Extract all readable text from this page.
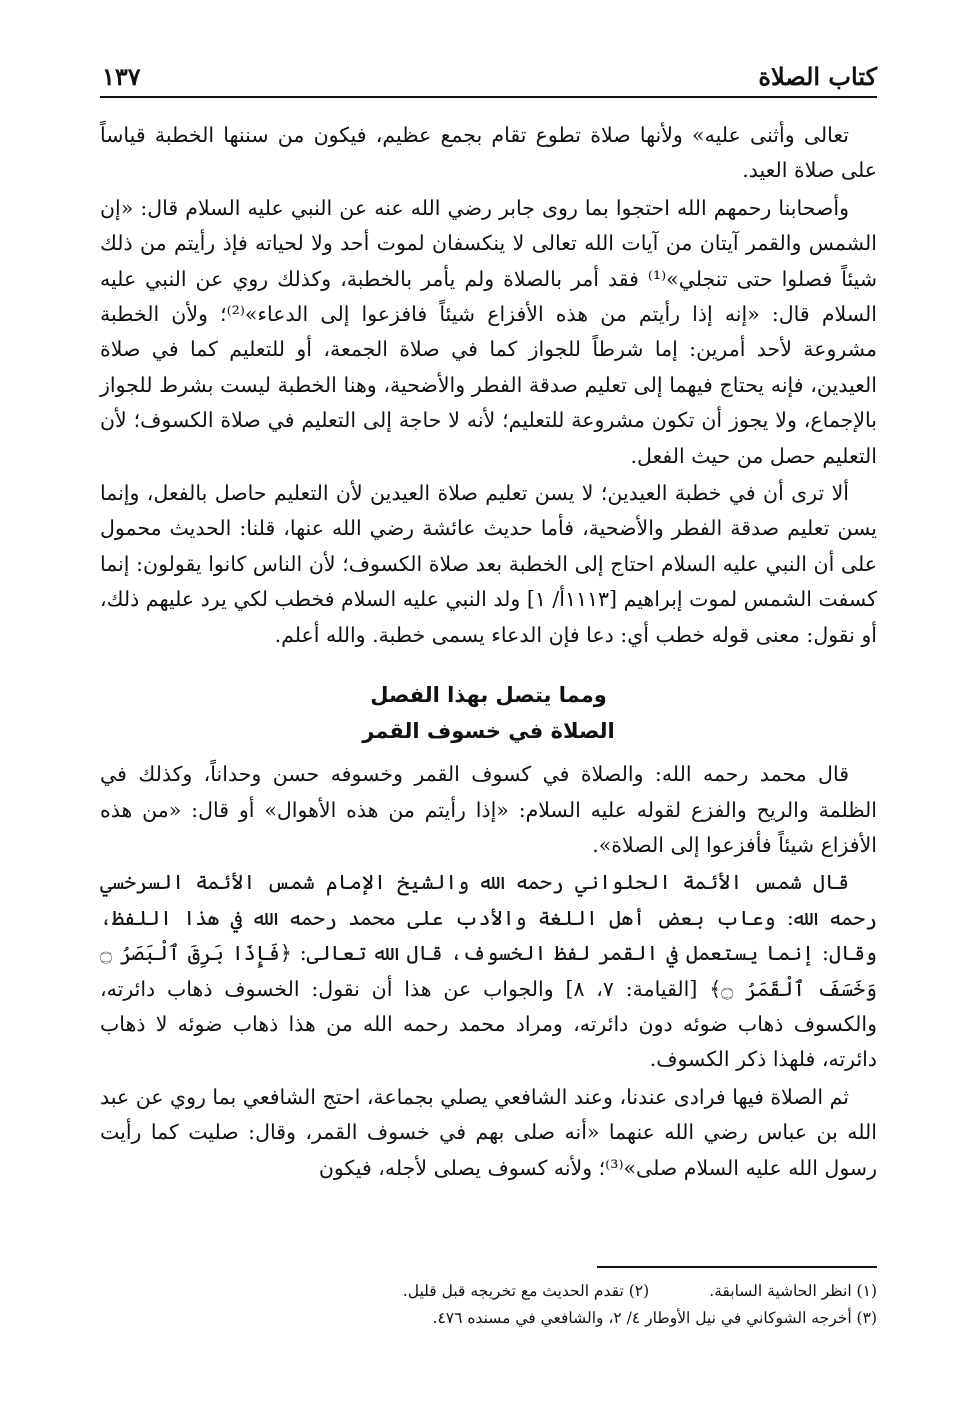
كتاب الصلاة
١٣٧

تعالى وأثنى عليه» ولأنها صلاة تطوع تقام بجمع عظيم، فيكون من سننها الخطبة قياساً على صلاة العيد.

وأصحابنا رحمهم الله احتجوا بما روى جابر رضي الله عنه عن النبي عليه السلام قال: «إن الشمس والقمر آيتان من آيات الله تعالى لا ينكسفان لموت أحد ولا لحياته فإذ رأيتم من ذلك شيئاً فصلوا حتى تنجلي»⁽¹⁾ فقد أمر بالصلاة ولم يأمر بالخطبة، وكذلك روي عن النبي عليه السلام قال: «إنه إذا رأيتم من هذه الأفزاع شيئاً فافزعوا إلى الدعاء»⁽²⁾؛ ولأن الخطبة مشروعة لأحد أمرين: إما شرطاً للجواز كما في صلاة الجمعة، أو للتعليم كما في صلاة العيدين، فإنه يحتاج فيهما إلى تعليم صدقة الفطر والأضحية، وهنا الخطبة ليست بشرط للجواز بالإجماع، ولا يجوز أن تكون مشروعة للتعليم؛ لأنه لا حاجة إلى التعليم في صلاة الكسوف؛ لأن التعليم حصل من حيث الفعل.

ألا ترى أن في خطبة العيدين؛ لا يسن تعليم صلاة العيدين لأن التعليم حاصل بالفعل، وإنما يسن تعليم صدقة الفطر والأضحية، فأما حديث عائشة رضي الله عنها، قلنا: الحديث محمول على أن النبي عليه السلام احتاج إلى الخطبة بعد صلاة الكسوف؛ لأن الناس كانوا يقولون: إنما كسفت الشمس لموت إبراهيم [١١١٣أ/ ١] ولد النبي عليه السلام فخطب لكي يرد عليهم ذلك، أو نقول: معنى قوله خطب أي: دعا فإن الدعاء يسمى خطبة. والله أعلم.

ومما يتصل بهذا الفصل
الصلاة في خسوف القمر

قال محمد رحمه الله: والصلاة في كسوف القمر وخسوفه حسن وحداناً، وكذلك في الظلمة والريح والفزع لقوله عليه السلام: «إذا رأيتم من هذه الأهوال» أو قال: «من هذه الأفزاع شيئاً فأفزعوا إلى الصلاة».

قال شمس الأئمة الحلواني رحمه الله والشيخ الإمام شمس الأئمة السرخسي رحمه الله: وعاب بعض أهل اللغة والأدب على محمد رحمه الله في هذا اللفظ، وقال: إنما يستعمل في القمر لفظ الخسوف، قال الله تعالى: ﴿فَإِذَا بَرِقَ ٱلْبَصَرُ ۝ وَخَسَفَ ٱلْقَمَرُ ۝﴾ [القيامة: ٧، ٨] والجواب عن هذا أن نقول: الخسوف ذهاب دائرته، والكسوف ذهاب ضوئه دون دائرته، ومراد محمد رحمه الله من هذا ذهاب ضوئه لا ذهاب دائرته، فلهذا ذكر الكسوف.

ثم الصلاة فيها فرادى عندنا، وعند الشافعي يصلي بجماعة، احتج الشافعي بما روي عن عبد الله بن عباس رضي الله عنهما «أنه صلى بهم في خسوف القمر، وقال: صليت كما رأيت رسول الله عليه السلام صلى»⁽³⁾؛ ولأنه كسوف يصلى لأجله، فيكون

(١) انظر الحاشية السابقة.
(٢) تقدم الحديث مع تخريجه قبل قليل.
(٣) أخرجه الشوكاني في نيل الأوطار ٤/ ٢، والشافعي في مسنده ٤٧٦.
